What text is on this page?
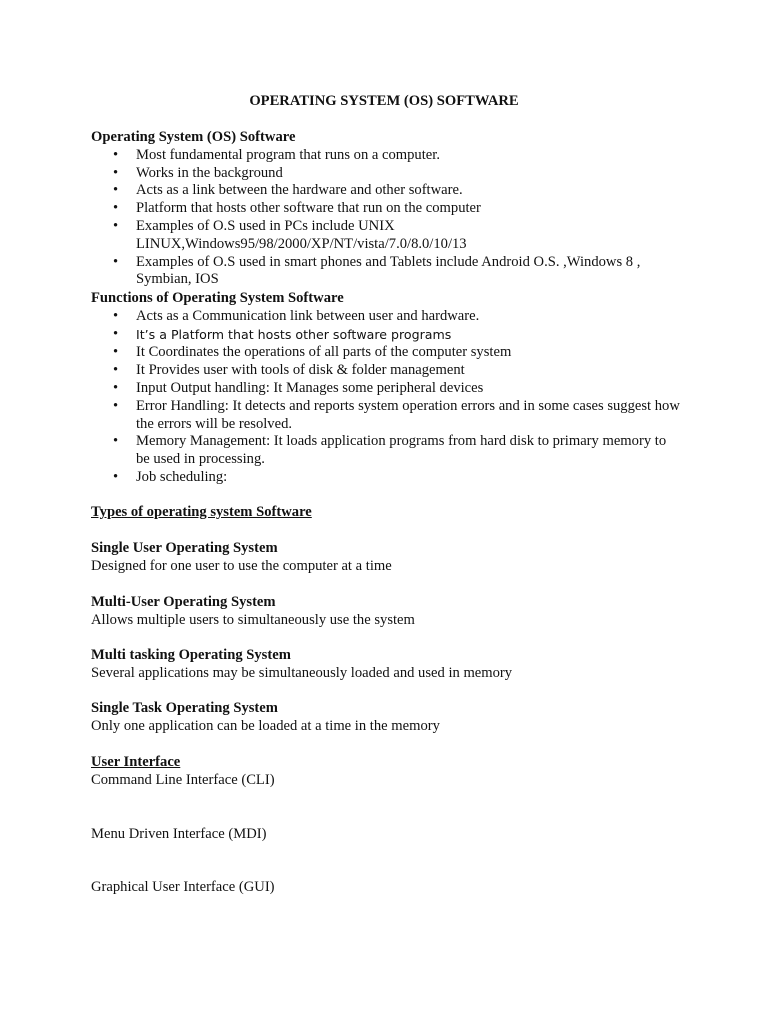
OPERATING SYSTEM (OS) SOFTWARE

Operating System (OS) Software

• Most fundamental program that runs on a computer.
• Works in the background
• Acts as a link between the hardware and other software.
• Platform that hosts other software that run on the computer
• Examples of O.S used in PCs include UNIX LINUX,Windows95/98/2000/XP/NT/vista/7.0/8.0/10/13
• Examples of O.S used in smart phones and Tablets include Android O.S. ,Windows 8 , Symbian, IOS

Functions of Operating System Software

• Acts as a Communication link between user and hardware.
• It’s a Platform that hosts other software programs
• It Coordinates the operations of all parts of the computer system
• It Provides user with tools of disk & folder management
• Input Output handling: It Manages some peripheral devices
• Error Handling: It detects and reports system operation errors and in some cases suggest how the errors will be resolved.
• Memory Management: It loads application programs from hard disk to primary memory to be used in processing.
• Job scheduling:

Types of operating system Software

Single User Operating System

Designed for one user to use the computer at a time

Multi-User Operating System

Allows multiple users to simultaneously use the system

Multi tasking Operating System

Several applications may be simultaneously loaded and used in memory

Single Task Operating System

Only one application can be loaded at a time in the memory

User Interface

Command Line Interface (CLI)

Menu Driven Interface (MDI)

Graphical User Interface (GUI)
